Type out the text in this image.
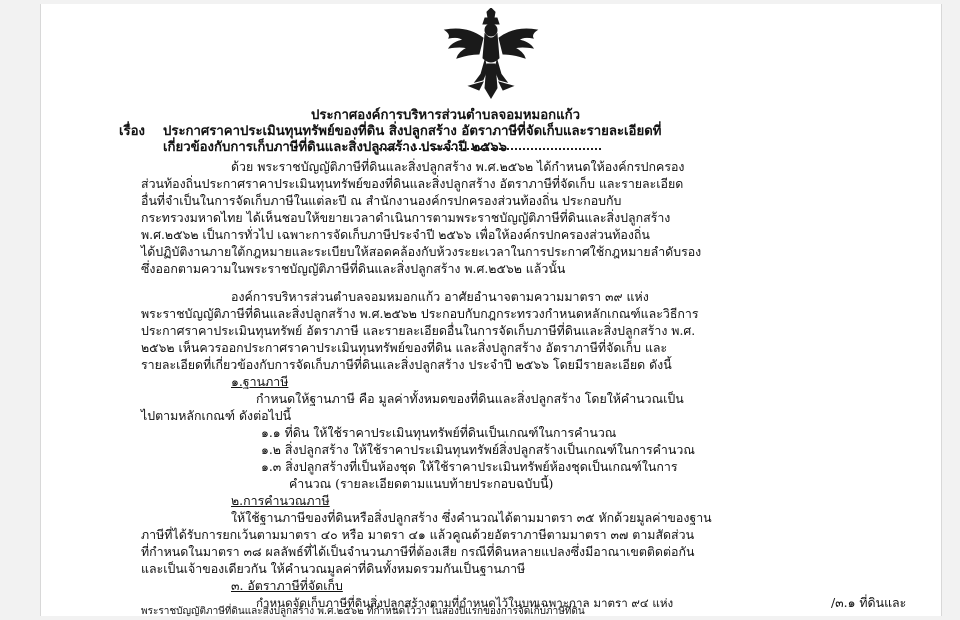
ประกาศองค์การบริหารส่วนตำบลจอมหมอกแก้ว
เรื่อง ประกาศราคาประเมินทุนทรัพย์ของที่ดิน สิ่งปลูกสร้าง อัตราภาษีที่จัดเก็บและรายละเอียดที่
เกี่ยวข้องกับการเก็บภาษีที่ดินและสิ่งปลูกสร้าง ประจำปี ๒๕๖๖
ด้วย พระราชบัญญัติภาษีที่ดินและสิ่งปลูกสร้าง พ.ศ.๒๕๖๒ ได้กำหนดให้องค์กรปกครอง
ส่วนท้องถิ่นประกาศราคาประเมินทุนทรัพย์ของที่ดินและสิ่งปลูกสร้าง อัตราภาษีที่จัดเก็บ และรายละเอียด
อื่นที่จำเป็นในการจัดเก็บภาษีในแต่ละปี ณ สำนักงานองค์กรปกครองส่วนท้องถิ่น ประกอบกับ
กระทรวงมหาดไทย ได้เห็นชอบให้ขยายเวลาดำเนินการตามพระราชบัญญัติภาษีที่ดินและสิ่งปลูกสร้าง
พ.ศ.๒๕๖๒ เป็นการทั่วไป เฉพาะการจัดเก็บภาษีประจำปี ๒๕๖๖ เพื่อให้องค์กรปกครองส่วนท้องถิ่น
ได้ปฏิบัติงานภายใต้กฎหมายและระเบียบให้สอดคล้องกับห้วงระยะเวลาในการประกาศใช้กฎหมายลำดับรอง
ซึ่งออกตามความในพระราชบัญญัติภาษีที่ดินและสิ่งปลูกสร้าง พ.ศ.๒๕๖๒ แล้วนั้น
องค์การบริหารส่วนตำบลจอมหมอกแก้ว อาศัยอำนาจตามความมาตรา ๓๙ แห่ง
พระราชบัญญัติภาษีที่ดินและสิ่งปลูกสร้าง พ.ศ.๒๕๖๒ ประกอบกับกฎกระทรวงกำหนดหลักเกณฑ์และวิธีการ
ประกาศราคาประเมินทุนทรัพย์ อัตราภาษี และรายละเอียดอื่นในการจัดเก็บภาษีที่ดินและสิ่งปลูกสร้าง พ.ศ.
๒๕๖๒ เห็นควรออกประกาศราคาประเมินทุนทรัพย์ของที่ดิน และสิ่งปลูกสร้าง อัตราภาษีที่จัดเก็บ และ
รายละเอียดที่เกี่ยวข้องกับการจัดเก็บภาษีที่ดินและสิ่งปลูกสร้าง ประจำปี ๒๕๖๖ โดยมีรายละเอียด ดังนี้
๑.ฐานภาษี
กำหนดให้ฐานภาษี คือ มูลค่าทั้งหมดของที่ดินและสิ่งปลูกสร้าง โดยให้คำนวณเป็น
ไปตามหลักเกณฑ์ ดังต่อไปนี้
๑.๑ ที่ดิน ให้ใช้ราคาประเมินทุนทรัพย์ที่ดินเป็นเกณฑ์ในการคำนวณ
๑.๒ สิ่งปลูกสร้าง ให้ใช้ราคาประเมินทุนทรัพย์สิ่งปลูกสร้างเป็นเกณฑ์ในการคำนวณ
๑.๓ สิ่งปลูกสร้างที่เป็นห้องชุด ให้ใช้ราคาประเมินทรัพย์ห้องชุดเป็นเกณฑ์ในการ
คำนวณ (รายละเอียดตามแนบท้ายประกอบฉบับนี้)
๒.การคำนวณภาษี
ให้ใช้ฐานภาษีของที่ดินหรือสิ่งปลูกสร้าง ซึ่งคำนวณได้ตามมาตรา ๓๕ หักด้วยมูลค่าของฐาน
ภาษีที่ได้รับการยกเว้นตามมาตรา ๔๐ หรือ มาตรา ๔๑ แล้วคูณด้วยอัตราภาษีตามมาตรา ๓๗ ตามสัดส่วน
ที่กำหนดในมาตรา ๓๘ ผลลัพธ์ที่ได้เป็นจำนวนภาษีที่ต้องเสีย กรณีที่ดินหลายแปลงซึ่งมีอาณาเขตติดต่อกัน
และเป็นเจ้าของเดียวกัน ให้คำนวณมูลค่าที่ดินทั้งหมดรวมกันเป็นฐานภาษี
๓. อัตราภาษีที่จัดเก็บ
กำหนดจัดเก็บภาษีที่ดินสิ่งปลูกสร้างตามที่กำหนดไว้ในบทเฉพาะกาล มาตรา ๙๔ แห่ง
พระราชบัญญัติภาษีที่ดินและสิ่งปลูกสร้าง พ.ศ.๒๕๖๒ ที่กำหนดไว้ว่า ในสองปีแรกของการจัดเก็บภาษีที่ดิน
/๓.๑ ที่ดินและ
